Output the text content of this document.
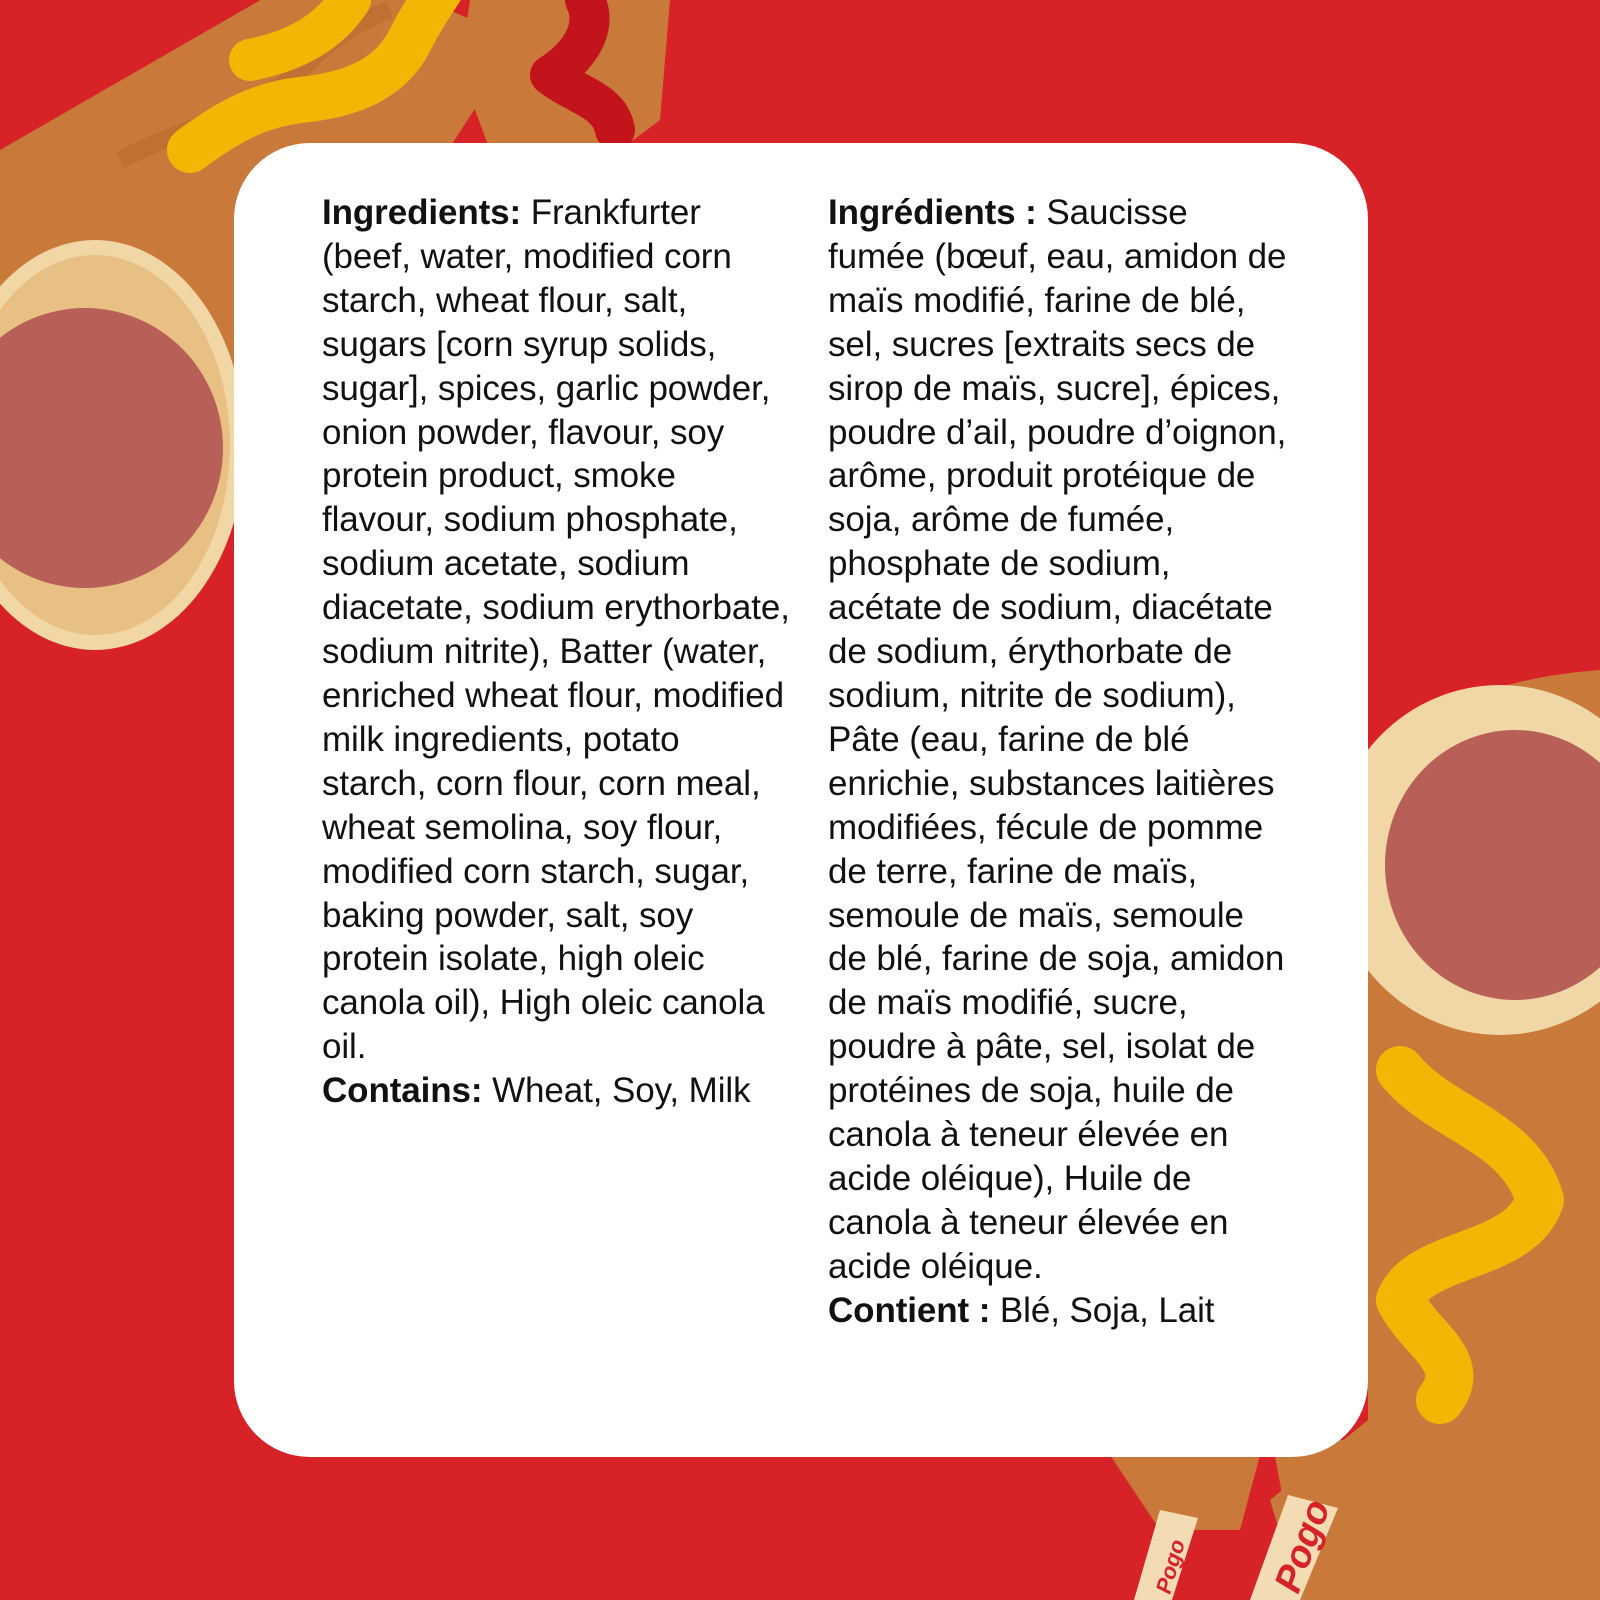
Pogo Pogo
Ingredients: Frankfurter (beef, water, modified corn starch, wheat flour, salt, sugars [corn syrup solids, sugar], spices, garlic powder, onion powder, flavour, soy protein product, smoke flavour, sodium phosphate, sodium acetate, sodium diacetate, sodium erythorbate, sodium nitrite), Batter (water, enriched wheat flour, modified milk ingredients, potato starch, corn flour, corn meal, wheat semolina, soy flour, modified corn starch, sugar, baking powder, salt, soy protein isolate, high oleic canola oil), High oleic canola oil.
Contains: Wheat, Soy, Milk
Ingrédients : Saucisse fumée (bœuf, eau, amidon de maïs modifié, farine de blé, sel, sucres [extraits secs de sirop de maïs, sucre], épices, poudre d’ail, poudre d’oignon, arôme, produit protéique de soja, arôme de fumée, phosphate de sodium, acétate de sodium, diacétate de sodium, érythorbate de sodium, nitrite de sodium), Pâte (eau, farine de blé enrichie, substances laitières modifiées, fécule de pomme de terre, farine de maïs, semoule de maïs, semoule de blé, farine de soja, amidon de maïs modifié, sucre, poudre à pâte, sel, isolat de protéines de soja, huile de canola à teneur élevée en acide oléique), Huile de canola à teneur élevée en acide oléique.
Contient : Blé, Soja, Lait
